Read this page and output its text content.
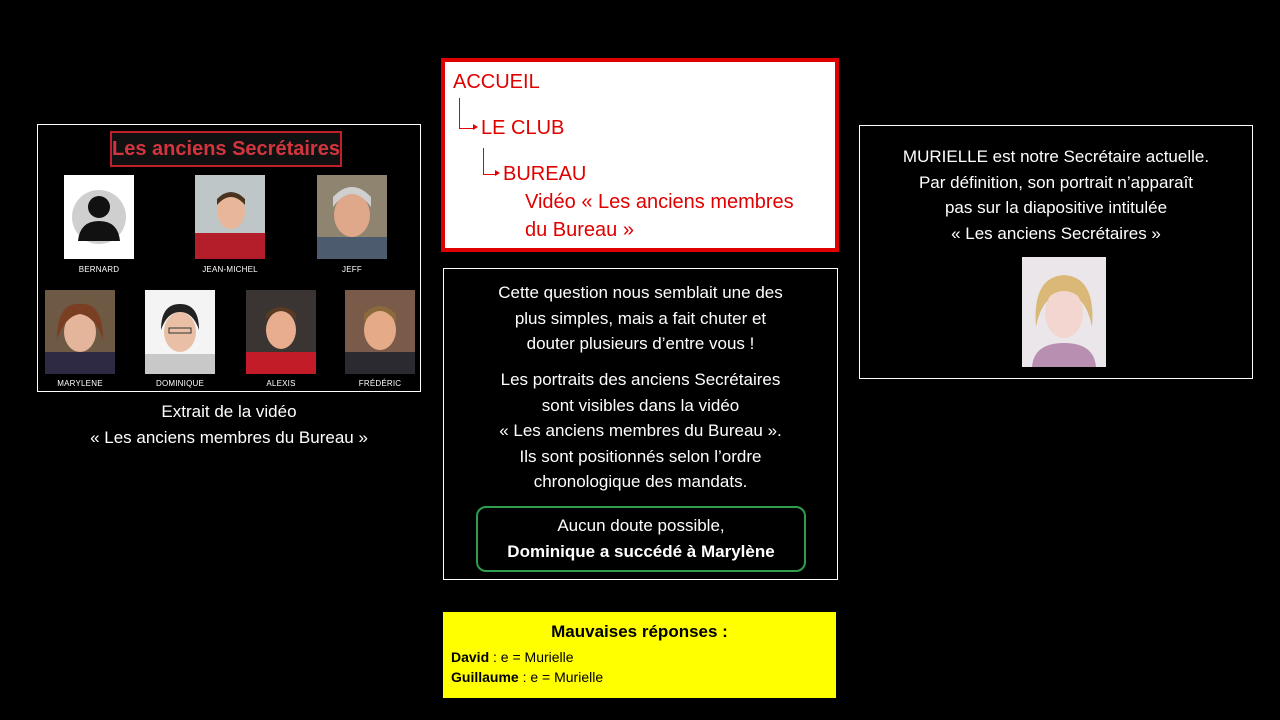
ACCUEIL
LE CLUB
BUREAU
Vidéo « Les anciens membres
du Bureau »
Les anciens Secrétaires
BERNARD	JEAN-MICHEL	JEFF
MARYLENE	DOMINIQUE	ALEXIS	FRÉDÉRIC
Extrait de la vidéo
« Les anciens membres du Bureau »

Cette question nous semblait une des

plus simples, mais a fait chuter et

douter plusieurs d’entre vous !

Les portraits des anciens Secrétaires

sont visibles dans la vidéo

« Les anciens membres du Bureau ».

Ils sont positionnés selon l’ordre

chronologique des mandats.

Aucun doute possible,
Dominique a succédé à Marylène
Mauvaises réponses :
David : e = Murielle
Guillaume : e = Murielle
MURIELLE est notre Secrétaire actuelle.
Par définition, son portrait n’apparaît
pas sur la diapositive intitulée
« Les anciens Secrétaires »
